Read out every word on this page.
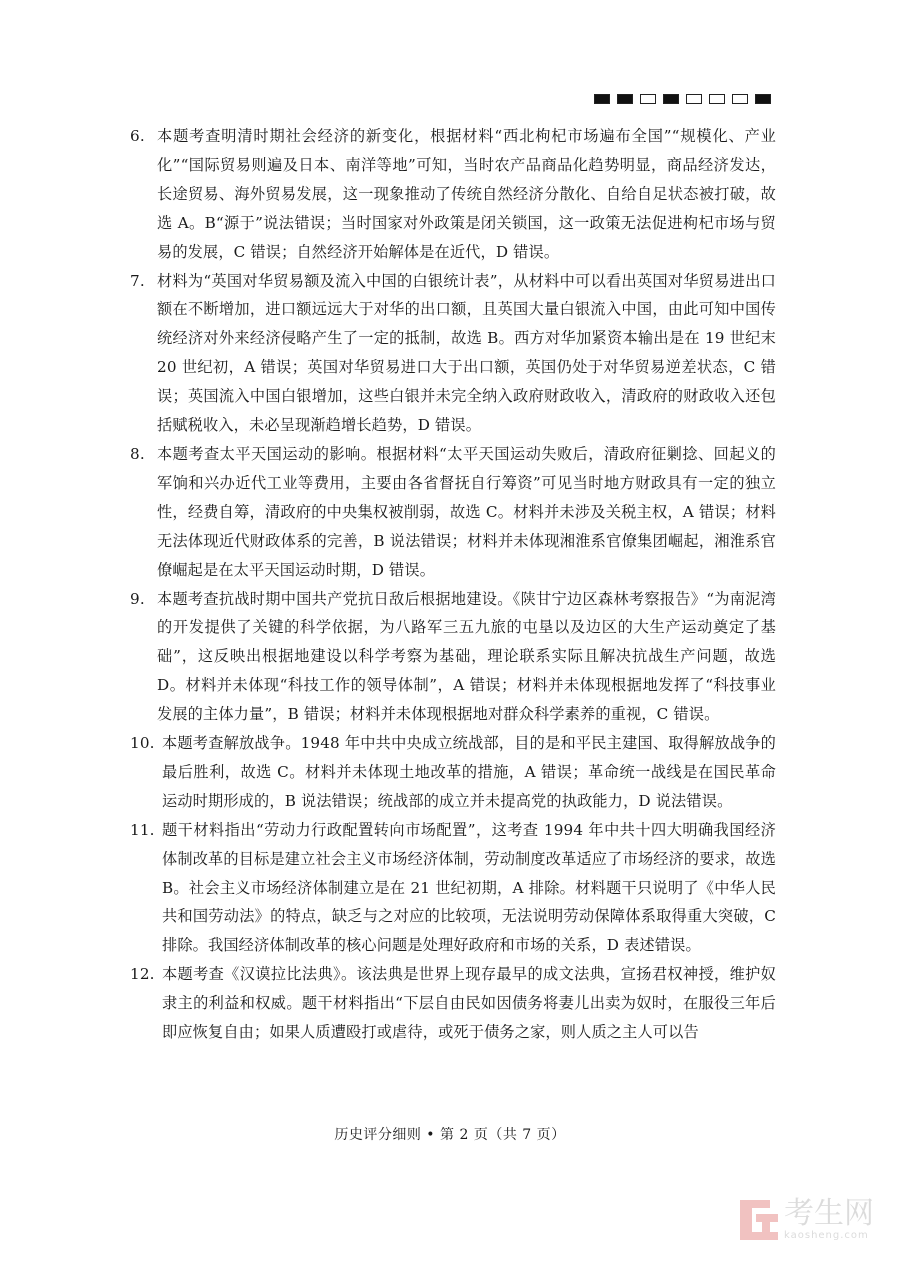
6. 本题考查明清时期社会经济的新变化，根据材料“西北枸杞市场遍布全国”“规模化、产业化”“国际贸易则遍及日本、南洋等地”可知，当时农产品商品化趋势明显，商品经济发达，长途贸易、海外贸易发展，这一现象推动了传统自然经济分散化、自给自足状态被打破，故选 A。B“源于”说法错误；当时国家对外政策是闭关锁国，这一政策无法促进枸杞市场与贸易的发展，C 错误；自然经济开始解体是在近代，D 错误。
7. 材料为“英国对华贸易额及流入中国的白银统计表”，从材料中可以看出英国对华贸易进出口额在不断增加，进口额远远大于对华的出口额，且英国大量白银流入中国，由此可知中国传统经济对外来经济侵略产生了一定的抵制，故选 B。西方对华加紧资本输出是在 19 世纪末 20 世纪初，A 错误；英国对华贸易进口大于出口额，英国仍处于对华贸易逆差状态，C 错误；英国流入中国白银增加，这些白银并未完全纳入政府财政收入，清政府的财政收入还包括赋税收入，未必呈现渐趋增长趋势，D 错误。
8. 本题考查太平天国运动的影响。根据材料“太平天国运动失败后，清政府征剿捻、回起义的军饷和兴办近代工业等费用，主要由各省督抚自行筹资”可见当时地方财政具有一定的独立性，经费自筹，清政府的中央集权被削弱，故选 C。材料并未涉及关税主权，A 错误；材料无法体现近代财政体系的完善，B 说法错误；材料并未体现湘淮系官僚集团崛起，湘淮系官僚崛起是在太平天国运动时期，D 错误。
9. 本题考查抗战时期中国共产党抗日敌后根据地建设。《陕甘宁边区森林考察报告》“为南泥湾的开发提供了关键的科学依据，为八路军三五九旅的屯垦以及边区的大生产运动奠定了基础”，这反映出根据地建设以科学考察为基础，理论联系实际且解决抗战生产问题，故选 D。材料并未体现“科技工作的领导体制”，A 错误；材料并未体现根据地发挥了“科技事业发展的主体力量”，B 错误；材料并未体现根据地对群众科学素养的重视，C 错误。
10. 本题考查解放战争。1948 年中共中央成立统战部，目的是和平民主建国、取得解放战争的最后胜利，故选 C。材料并未体现土地改革的措施，A 错误；革命统一战线是在国民革命运动时期形成的，B 说法错误；统战部的成立并未提高党的执政能力，D 说法错误。
11. 题干材料指出“劳动力行政配置转向市场配置”，这考查 1994 年中共十四大明确我国经济体制改革的目标是建立社会主义市场经济体制，劳动制度改革适应了市场经济的要求，故选 B。社会主义市场经济体制建立是在 21 世纪初期，A 排除。材料题干只说明了《中华人民共和国劳动法》的特点，缺乏与之对应的比较项，无法说明劳动保障体系取得重大突破，C 排除。我国经济体制改革的核心问题是处理好政府和市场的关系，D 表述错误。
12. 本题考查《汉谟拉比法典》。该法典是世界上现存最早的成文法典，宣扬君权神授，维护奴隶主的利益和权威。题干材料指出“下层自由民如因债务将妻儿出卖为奴时，在服役三年后即应恢复自由；如果人质遭殴打或虐待，或死于债务之家，则人质之主人可以告
历史评分细则 • 第 2 页（共 7 页）
考生网
kaosheng.com
